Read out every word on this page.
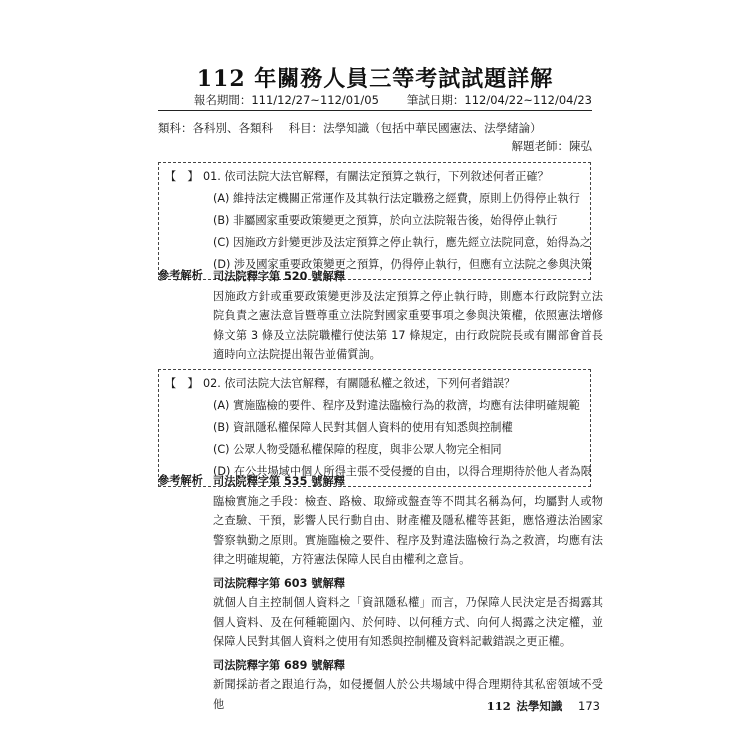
112 年關務人員三等考試試題詳解
報名期間：111/12/27~112/01/05 筆試日期：112/04/22~112/04/23
類科：各科別、各類科 科目：法學知識（包括中華民國憲法、法學緒論）
解題老師：陳弘
【　】 01. 依司法院大法官解釋，有關法定預算之執行，下列敘述何者正確？
(A) 維持法定機關正常運作及其執行法定職務之經費，原則上仍得停止執行
(B) 非屬國家重要政策變更之預算，於向立法院報告後，始得停止執行
(C) 因施政方針變更涉及法定預算之停止執行，應先經立法院同意，始得為之
(D) 涉及國家重要政策變更之預算，仍得停止執行，但應有立法院之參與決策
參考解析 司法院釋字第 520 號解釋
因施政方針或重要政策變更涉及法定預算之停止執行時，則應本行政院對立法院負責之憲法意旨暨尊重立法院對國家重要事項之參與決策權，依照憲法增修條文第 3 條及立法院職權行使法第 17 條規定，由行政院院長或有關部會首長適時向立法院提出報告並備質詢。
【　】 02. 依司法院大法官解釋，有關隱私權之敘述，下列何者錯誤？
(A) 實施臨檢的要件、程序及對違法臨檢行為的救濟，均應有法律明確規範
(B) 資訊隱私權保障人民對其個人資料的使用有知悉與控制權
(C) 公眾人物受隱私權保障的程度，與非公眾人物完全相同
(D) 在公共場域中個人所得主張不受侵擾的自由，以得合理期待於他人者為限
參考解析 司法院釋字第 535 號解釋
臨檢實施之手段：檢查、路檢、取締或盤查等不問其名稱為何，均屬對人或物之查驗、干預，影響人民行動自由、財產權及隱私權等甚鉅，應恪遵法治國家警察執勤之原則。實施臨檢之要件、程序及對違法臨檢行為之救濟，均應有法律之明確規範，方符憲法保障人民自由權利之意旨。
司法院釋字第 603 號解釋
就個人自主控制個人資料之「資訊隱私權」而言，乃保障人民決定是否揭露其個人資料、及在何種範圍內、於何時、以何種方式、向何人揭露之決定權，並保障人民對其個人資料之使用有知悉與控制權及資料記載錯誤之更正權。
司法院釋字第 689 號解釋
新聞採訪者之跟追行為，如侵擾個人於公共場域中得合理期待其私密領域不受他	112 法學知識 173
